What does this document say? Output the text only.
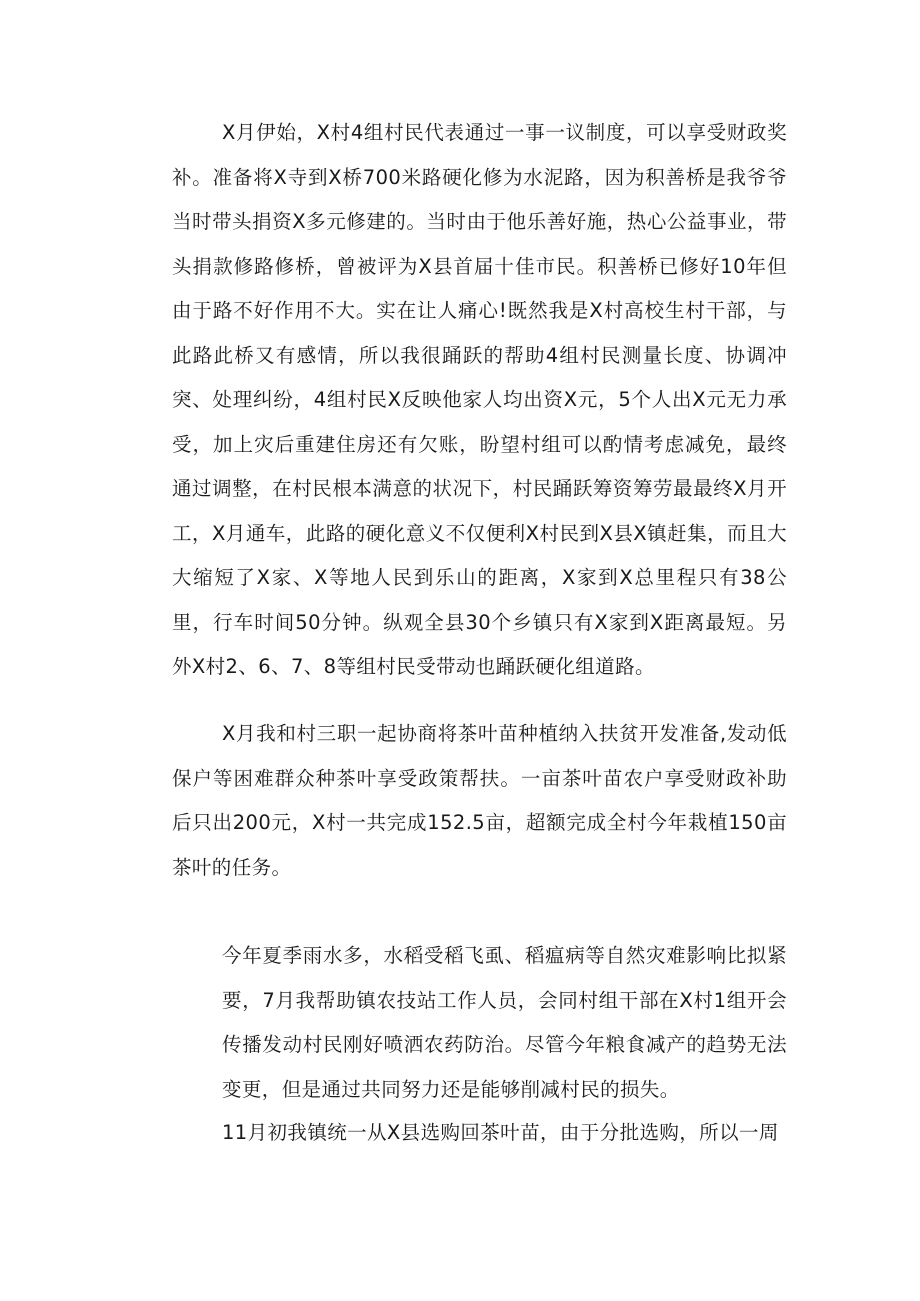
X月伊始，X村4组村民代表通过一事一议制度，可以享受财政奖补。准备将X寺到X桥700米路硬化修为水泥路，因为积善桥是我爷爷当时带头捐资X多元修建的。当时由于他乐善好施，热心公益事业，带头捐款修路修桥，曾被评为X县首届十佳市民。积善桥已修好10年但由于路不好作用不大。实在让人痛心!既然我是X村高校生村干部，与此路此桥又有感情，所以我很踊跃的帮助4组村民测量长度、协调冲突、处理纠纷，4组村民X反映他家人均出资X元，5个人出X元无力承受，加上灾后重建住房还有欠账，盼望村组可以酌情考虑减免，最终通过调整，在村民根本满意的状况下，村民踊跃筹资筹劳最最终X月开工，X月通车，此路的硬化意义不仅便利X村民到X县X镇赶集，而且大大缩短了X家、X等地人民到乐山的距离，X家到X总里程只有38公里，行车时间50分钟。纵观全县30个乡镇只有X家到X距离最短。另外X村2、6、7、8等组村民受带动也踊跃硬化组道路。

X月我和村三职一起协商将茶叶苗种植纳入扶贫开发准备,发动低保户等困难群众种茶叶享受政策帮扶。一亩茶叶苗农户享受财政补助后只出200元，X村一共完成152.5亩，超额完成全村今年栽植150亩茶叶的任务。

今年夏季雨水多，水稻受稻飞虱、稻瘟病等自然灾难影响比拟紧要，7月我帮助镇农技站工作人员，会同村组干部在X村1组开会传播发动村民刚好喷洒农药防治。尽管今年粮食减产的趋势无法变更，但是通过共同努力还是能够削减村民的损失。

11月初我镇统一从X县选购回茶叶苗，由于分批选购，所以一周
